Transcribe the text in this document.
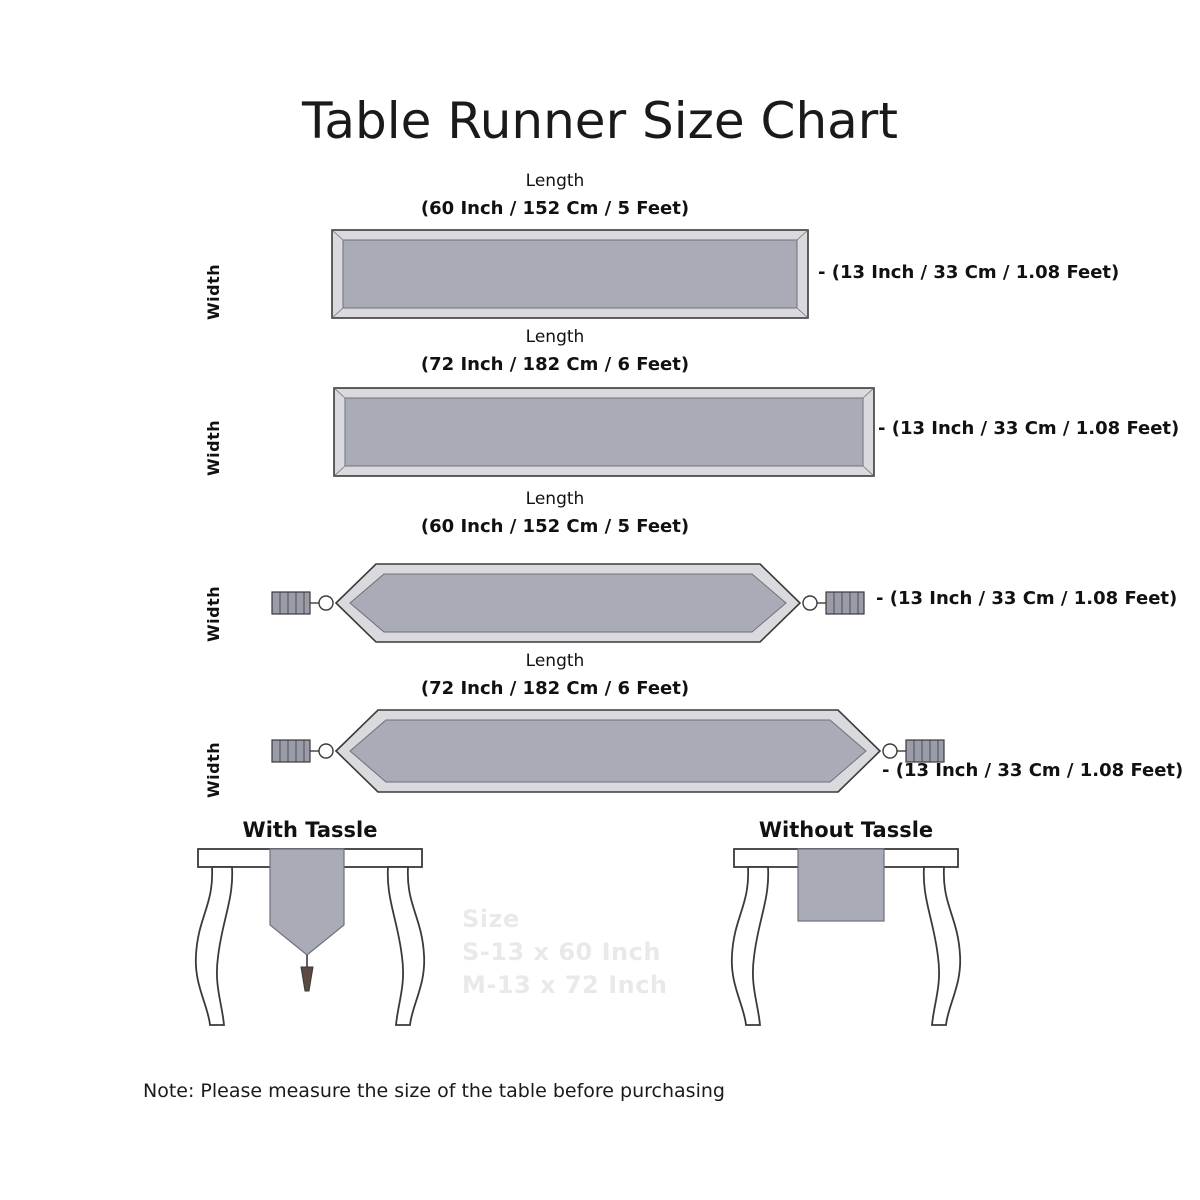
Table Runner Size Chart
Size
S-13 x 60 Inch
M-13 x 72 Inch
Length
(60 Inch / 152 Cm / 5 Feet)
Width	- (13 Inch / 33 Cm / 1.08 Feet)
Length
(72 Inch / 182 Cm / 6 Feet)
Width	- (13 Inch / 33 Cm / 1.08 Feet)
Length
(60 Inch / 152 Cm / 5 Feet)
Width	- (13 Inch / 33 Cm / 1.08 Feet)
Length
(72 Inch / 182 Cm / 6 Feet)
Width	- (13 Inch / 33 Cm / 1.08 Feet)
With Tassle	Without Tassle
Note: Please measure the size of the table before purchasing
